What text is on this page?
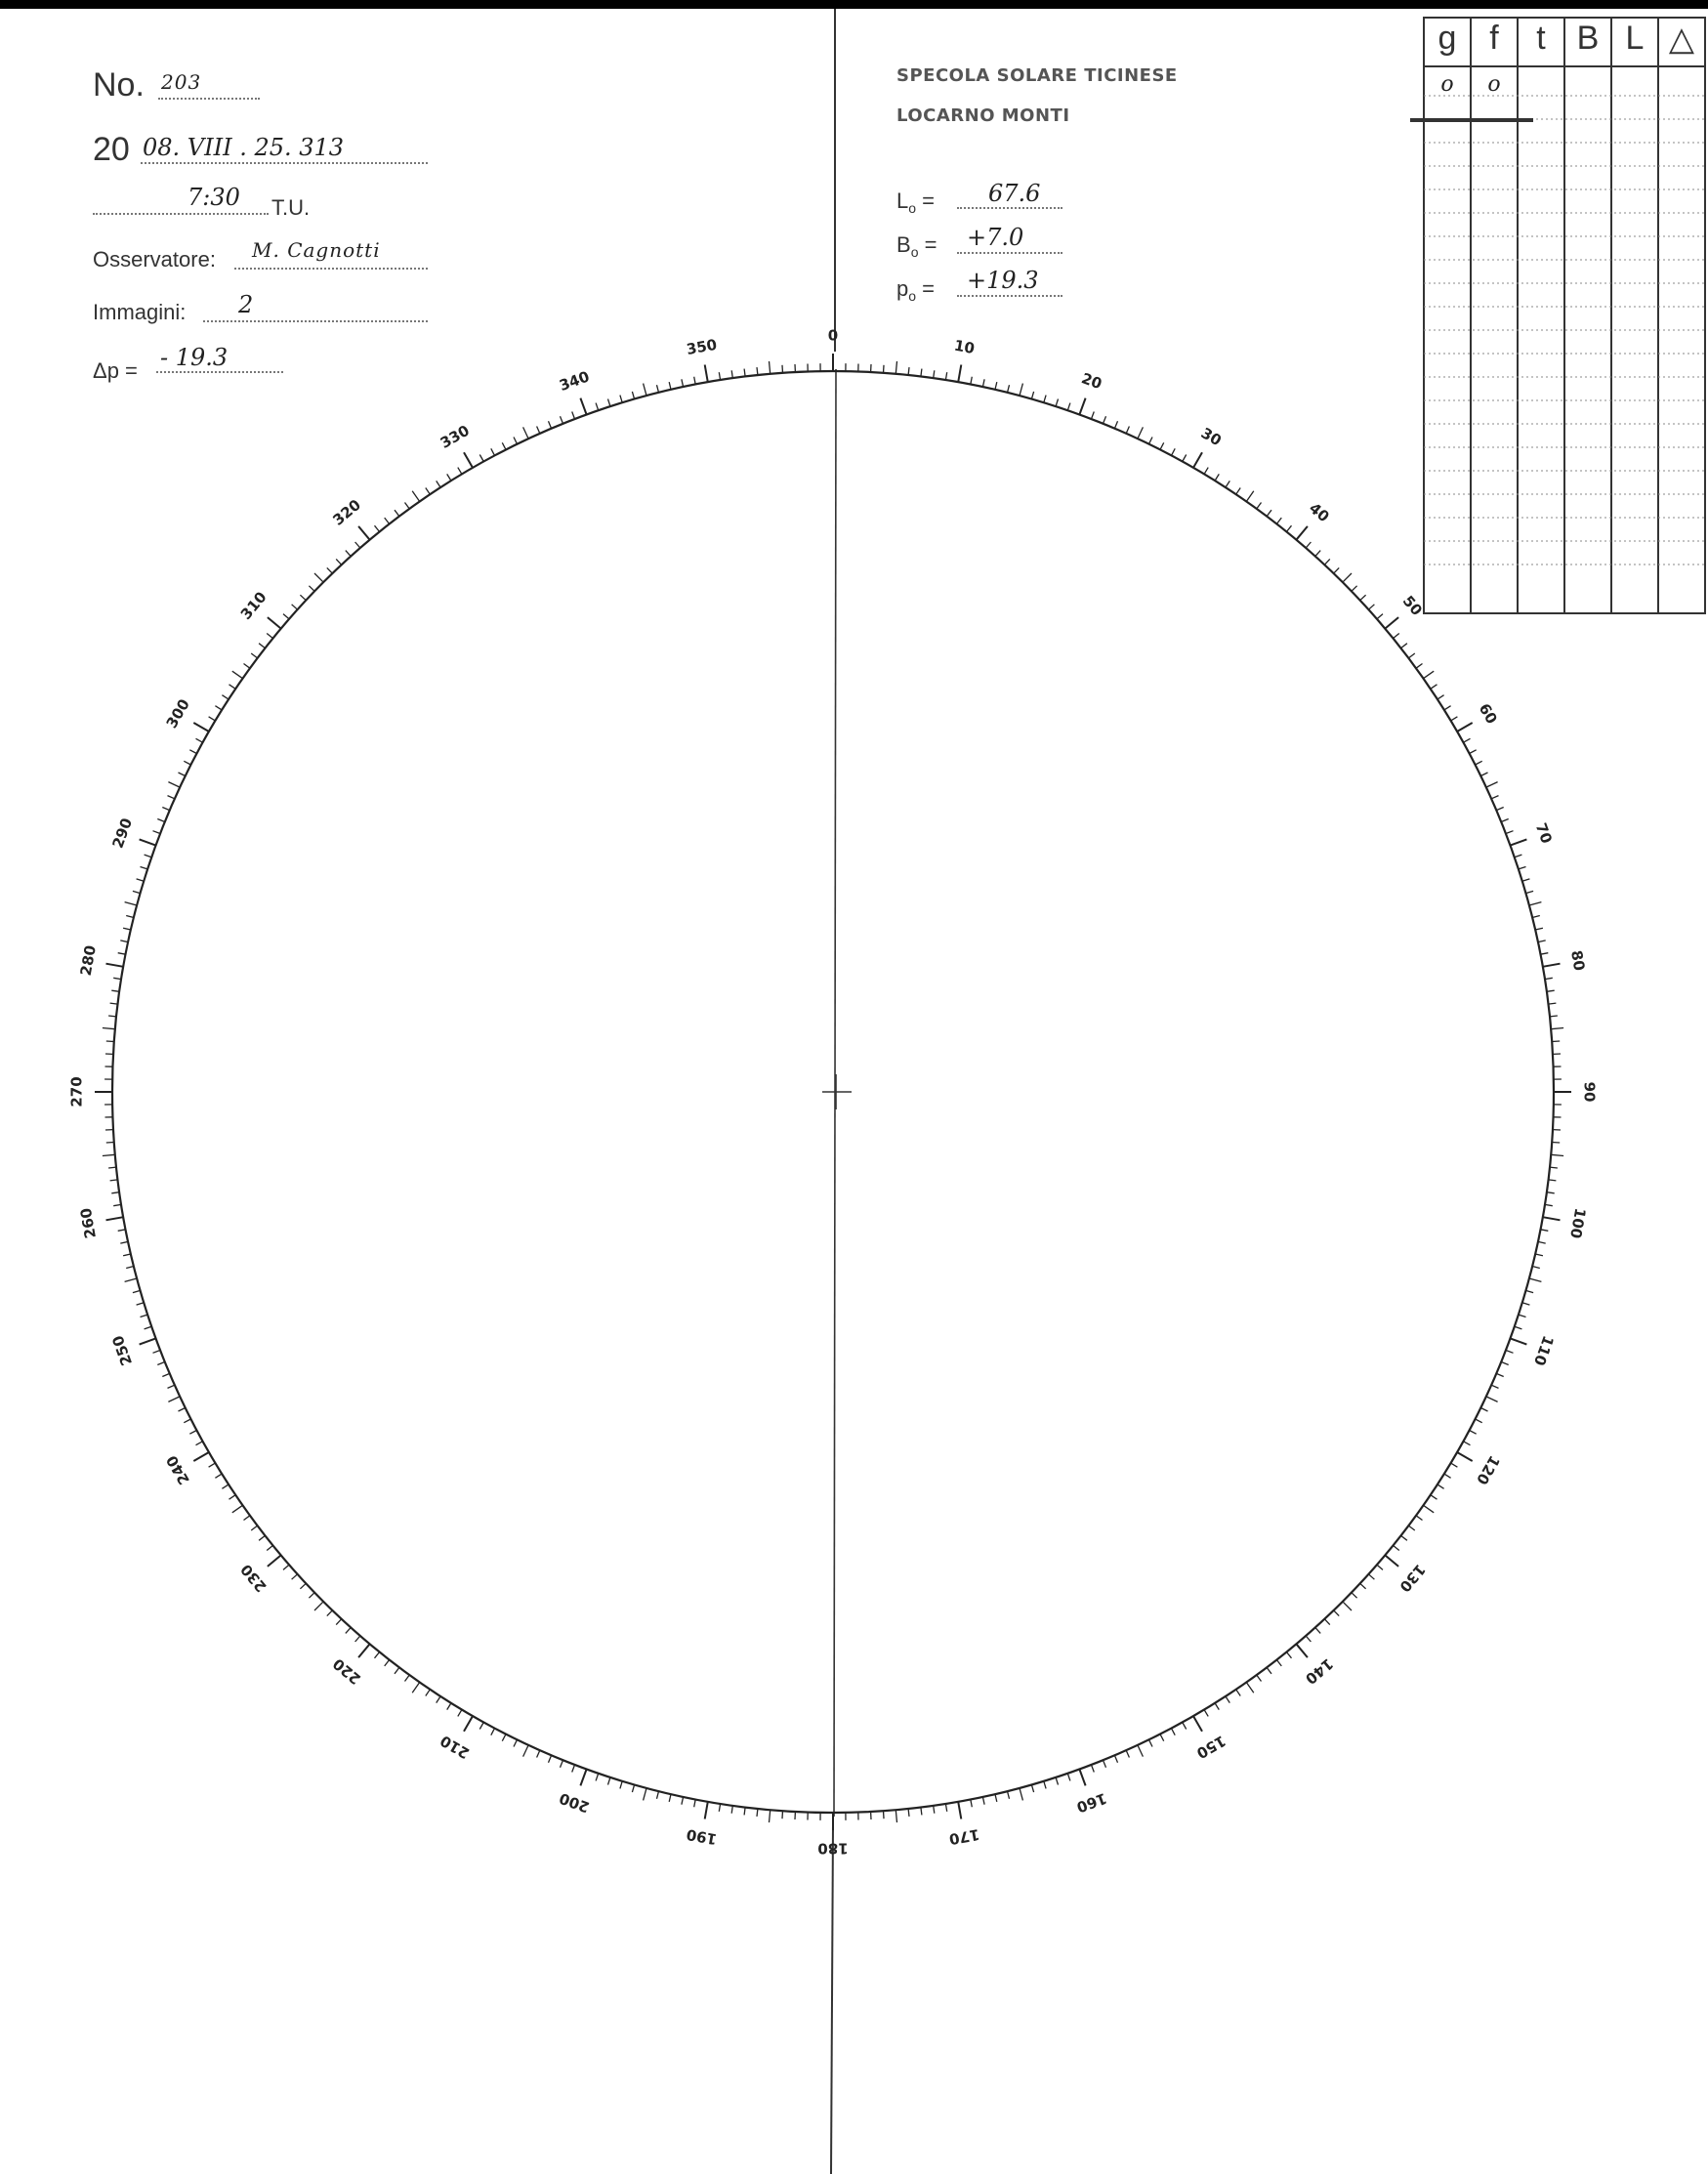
No. 203
20 08. VIII . 25. 313
7:30 T.U.
Osservatore: M. Cagnotti
Immagini: 2
Δp = - 19.3
SPECOLA SOLARE TICINESE
LOCARNO MONTI
$L_o = 67.6$
$B_o = +7.0$
$p_o = +19.3$
0
10
20
30
40
50
60
70
80
90
100
110
120
130
140
150
160
170
180
190
200
210
220
230
240
250
260
270
280
290
300
310
320
330
340
350
g f	t B L △
o	o
